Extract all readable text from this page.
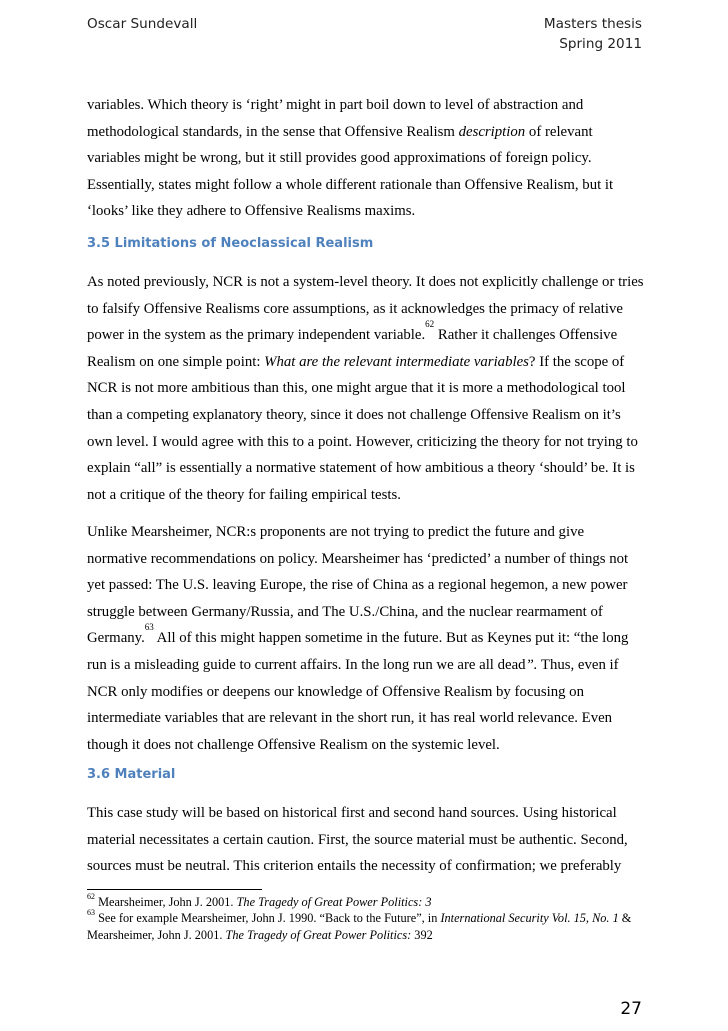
Oscar Sundevall	Masters thesis
Spring 2011

variables. Which theory is ‘right’ might in part boil down to level of abstraction and methodological standards, in the sense that Offensive Realism description of relevant variables might be wrong, but it still provides good approximations of foreign policy. Essentially, states might follow a whole different rationale than Offensive Realism, but it ‘looks’ like they adhere to Offensive Realisms maxims.

3.5 Limitations of Neoclassical Realism

As noted previously, NCR is not a system-level theory. It does not explicitly challenge or tries to falsify Offensive Realisms core assumptions, as it acknowledges the primacy of relative power in the system as the primary independent variable.$^{62}$ Rather it challenges Offensive Realism on one simple point: What are the relevant intermediate variables? If the scope of NCR is not more ambitious than this, one might argue that it is more a methodological tool than a competing explanatory theory, since it does not challenge Offensive Realism on it’s own level. I would agree with this to a point. However, criticizing the theory for not trying to explain “all” is essentially a normative statement of how ambitious a theory ‘should’ be. It is not a critique of the theory for failing empirical tests.

Unlike Mearsheimer, NCR:s proponents are not trying to predict the future and give normative recommendations on policy. Mearsheimer has ‘predicted’ a number of things not yet passed: The U.S. leaving Europe, the rise of China as a regional hegemon, a new power struggle between Germany/Russia, and The U.S./China, and the nuclear rearmament of Germany.$^{63}$ All of this might happen sometime in the future. But as Keynes put it: “the long run is a misleading guide to current affairs. In the long run we are all dead”. Thus, even if NCR only modifies or deepens our knowledge of Offensive Realism by focusing on intermediate variables that are relevant in the short run, it has real world relevance. Even though it does not challenge Offensive Realism on the systemic level.

3.6 Material

This case study will be based on historical first and second hand sources. Using historical material necessitates a certain caution. First, the source material must be authentic. Second, sources must be neutral. This criterion entails the necessity of confirmation; we preferably

$^{62}$ Mearsheimer, John J. 2001. The Tragedy of Great Power Politics: 3
$^{63}$ See for example Mearsheimer, John J. 1990. “Back to the Future”, in International Security Vol. 15, No. 1 & Mearsheimer, John J. 2001. The Tragedy of Great Power Politics: 392
27
